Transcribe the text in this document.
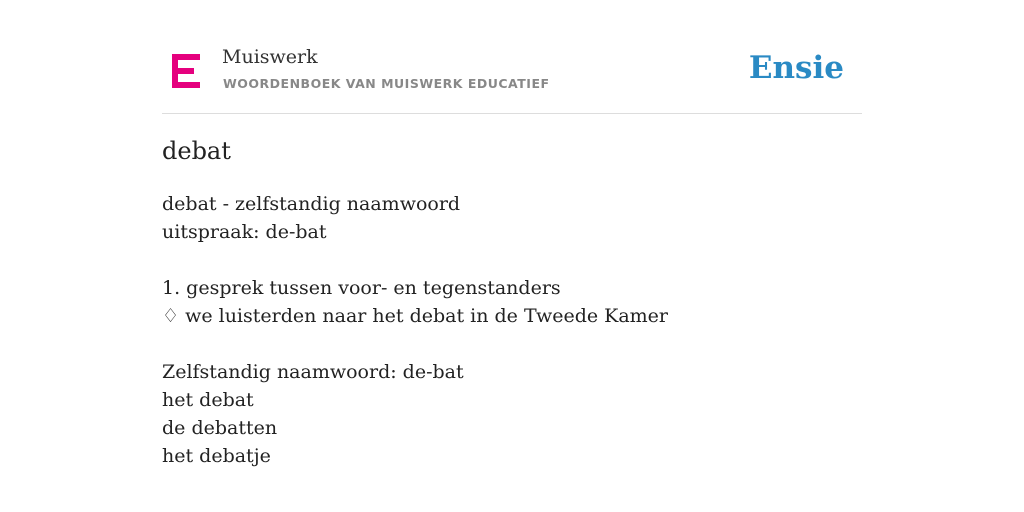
Muiswerk
WOORDENBOEK VAN MUISWERK EDUCATIEF	Ensie
debat
debat - zelfstandig naamwoord
uitspraak: de-bat
1. gesprek tussen voor- en tegenstanders
♢ we luisterden naar het debat in de Tweede Kamer
Zelfstandig naamwoord: de-bat
het debat
de debatten
het debatje
